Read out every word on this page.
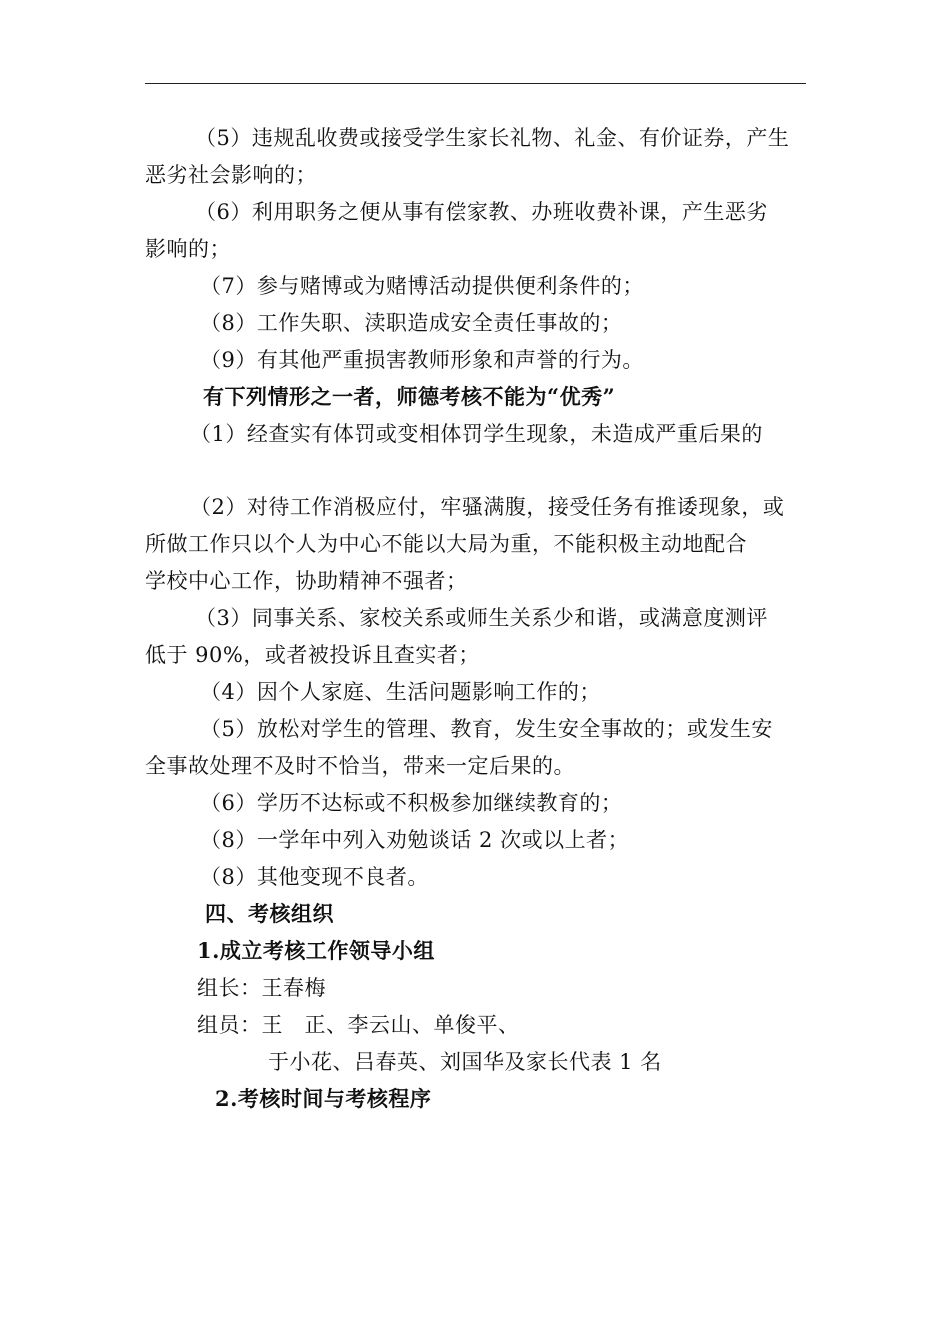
（5）违规乱收费或接受学生家长礼物、礼金、有价证券，产生
恶劣社会影响的；
（6）利用职务之便从事有偿家教、办班收费补课，产生恶劣
影响的；
（7）参与赌博或为赌博活动提供便利条件的；
（8）工作失职、渎职造成安全责任事故的；
（9）有其他严重损害教师形象和声誉的行为。
有下列情形之一者，师德考核不能为“优秀”
（1）经查实有体罚或变相体罚学生现象，未造成严重后果的
（2）对待工作消极应付，牢骚满腹，接受任务有推诿现象，或
所做工作只以个人为中心不能以大局为重，不能积极主动地配合
学校中心工作，协助精神不强者；
（3）同事关系、家校关系或师生关系少和谐，或满意度测评
低于 90%，或者被投诉且查实者；
（4）因个人家庭、生活问题影响工作的；
（5）放松对学生的管理、教育，发生安全事故的；或发生安
全事故处理不及时不恰当，带来一定后果的。
（6）学历不达标或不积极参加继续教育的；
（8）一学年中列入劝勉谈话 2 次或以上者；
（8）其他变现不良者。
四、考核组织
1.成立考核工作领导小组
组长：王春梅
组员：王　正、李云山、单俊平、
于小花、吕春英、刘国华及家长代表 1 名
2.考核时间与考核程序
